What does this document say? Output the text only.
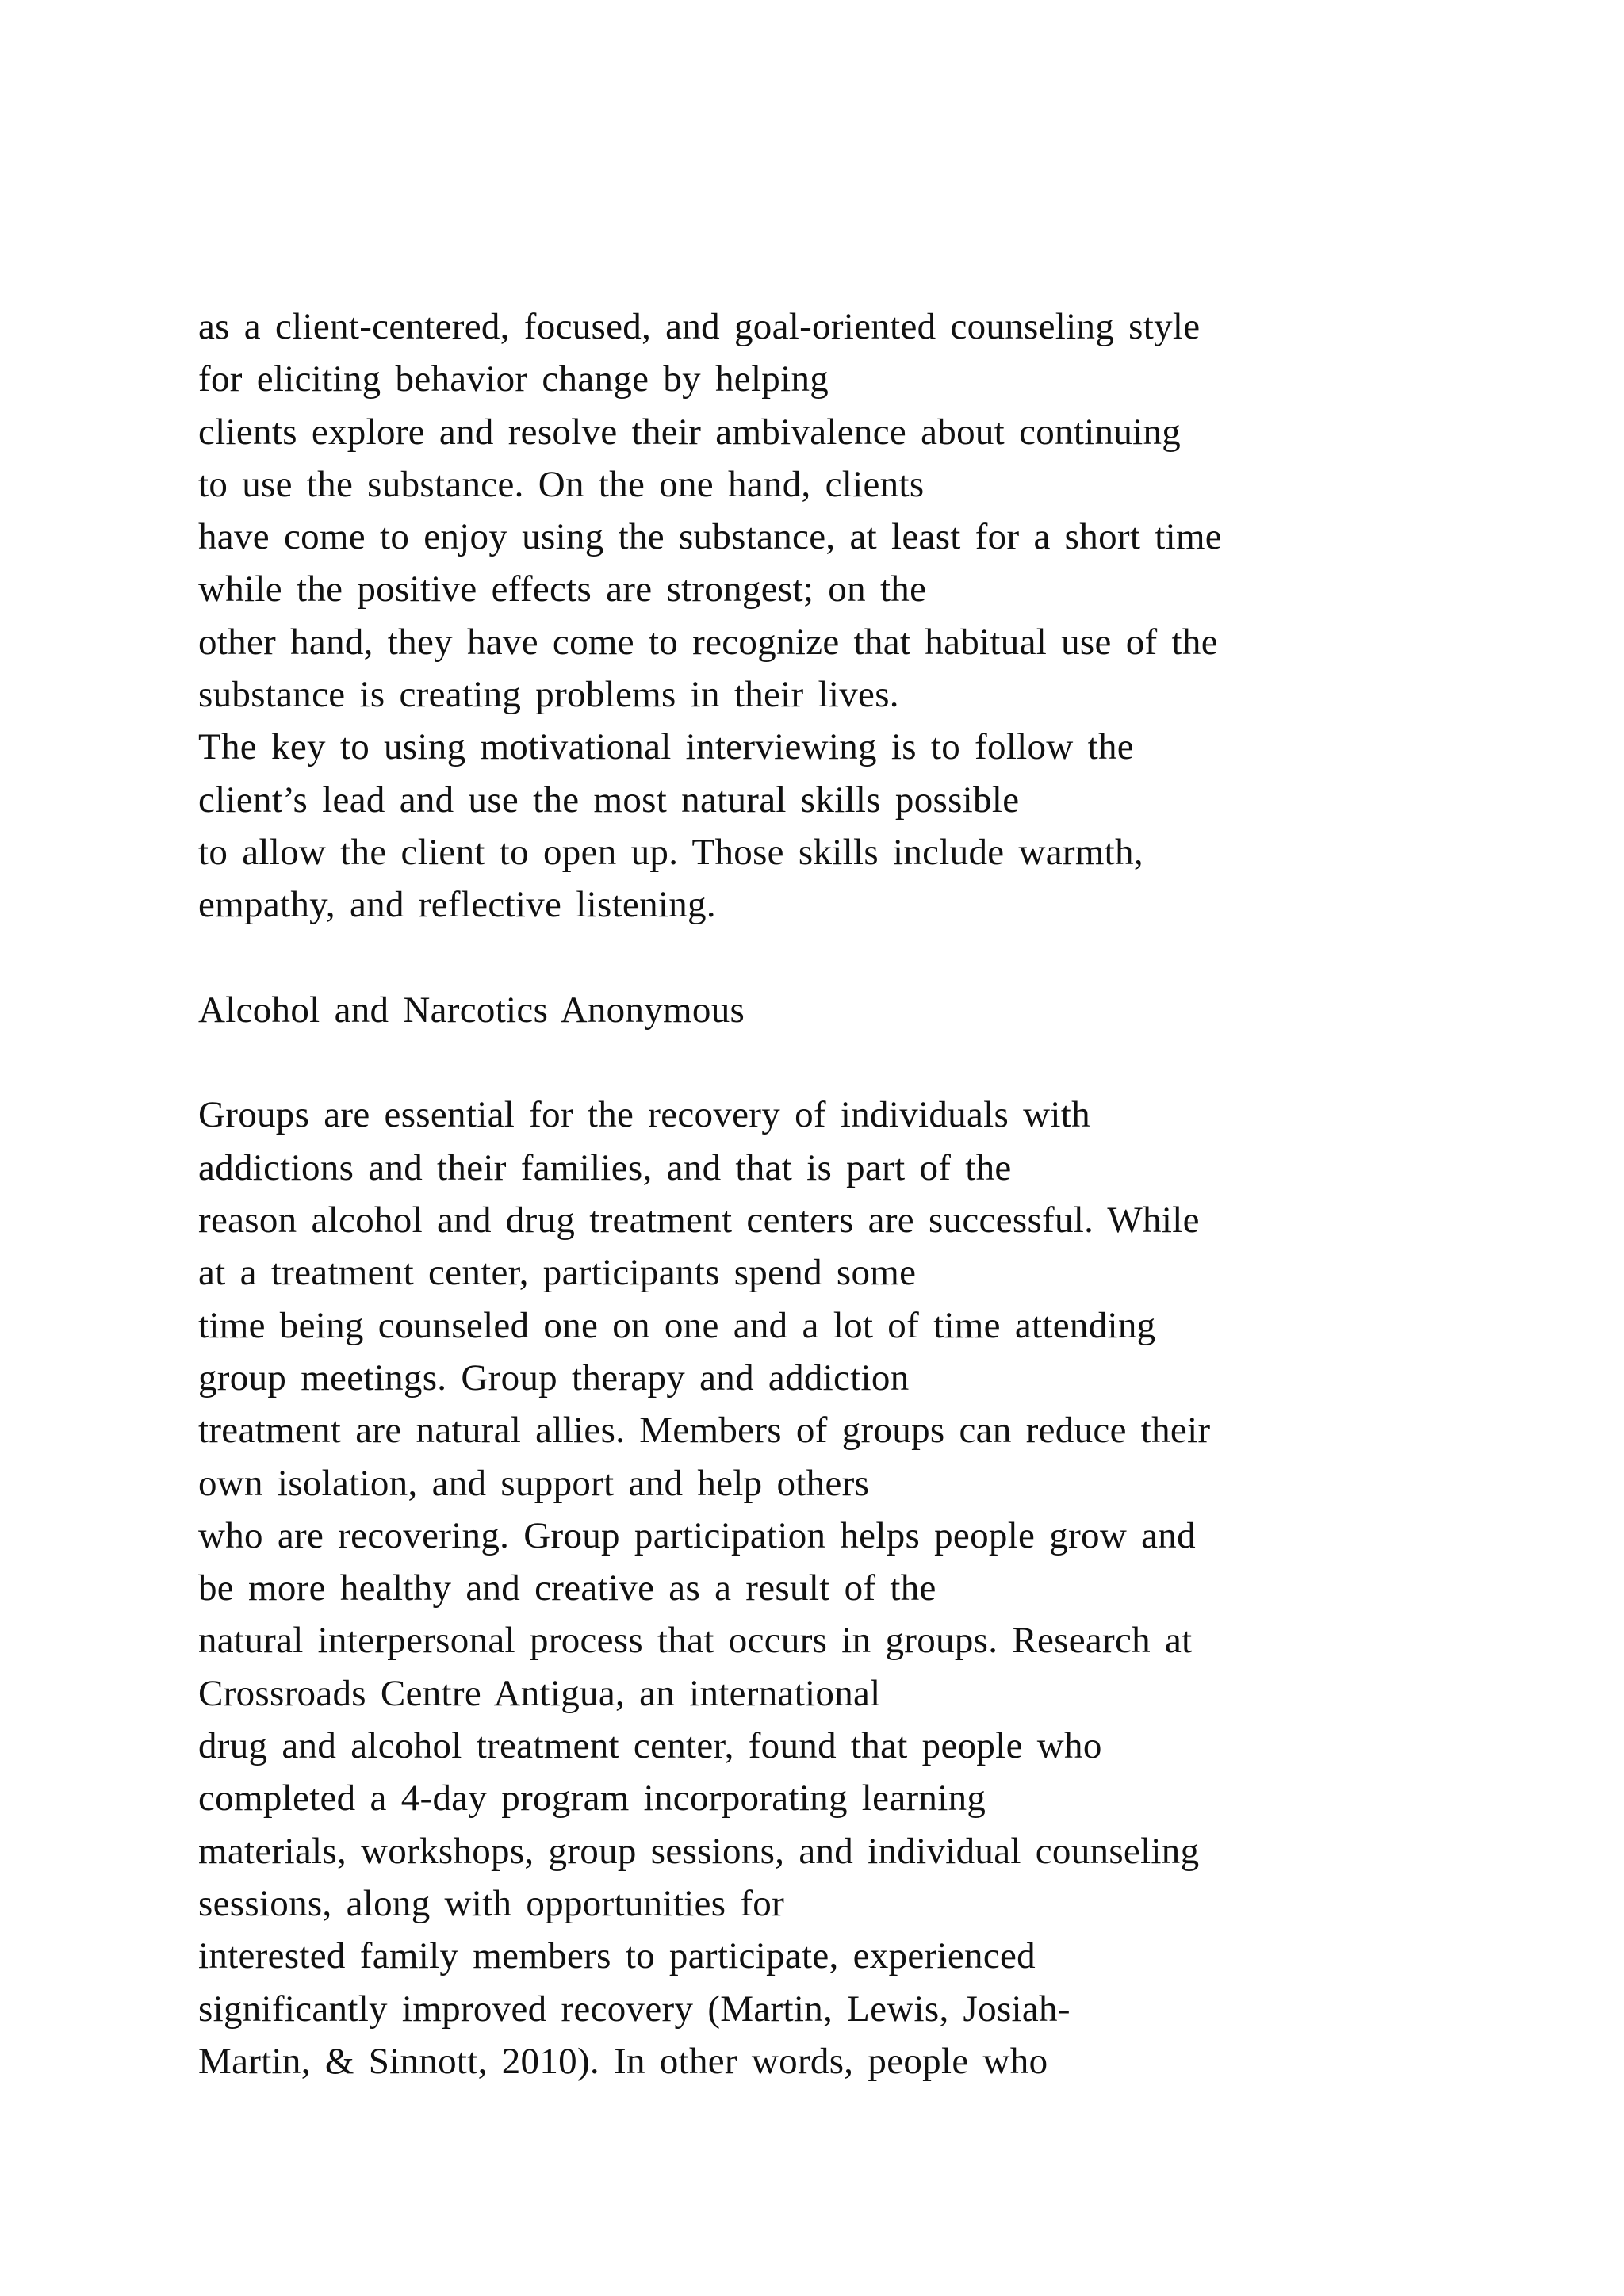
as a client-centered, focused, and goal-oriented counseling style
for eliciting behavior change by helping
clients explore and resolve their ambivalence about continuing
to use the substance. On the one hand, clients
have come to enjoy using the substance, at least for a short time
while the positive effects are strongest; on the
other hand, they have come to recognize that habitual use of the
substance is creating problems in their lives.
The key to using motivational interviewing is to follow the
client’s lead and use the most natural skills possible
to allow the client to open up. Those skills include warmth,
empathy, and reflective listening.
Alcohol and Narcotics Anonymous
Groups are essential for the recovery of individuals with
addictions and their families, and that is part of the
reason alcohol and drug treatment centers are successful. While
at a treatment center, participants spend some
time being counseled one on one and a lot of time attending
group meetings. Group therapy and addiction
treatment are natural allies. Members of groups can reduce their
own isolation, and support and help others
who are recovering. Group participation helps people grow and
be more healthy and creative as a result of the
natural interpersonal process that occurs in groups. Research at
Crossroads Centre Antigua, an international
drug and alcohol treatment center, found that people who
completed a 4-day program incorporating learning
materials, workshops, group sessions, and individual counseling
sessions, along with opportunities for
interested family members to participate, experienced
significantly improved recovery (Martin, Lewis, Josiah-
Martin, & Sinnott, 2010). In other words, people who
